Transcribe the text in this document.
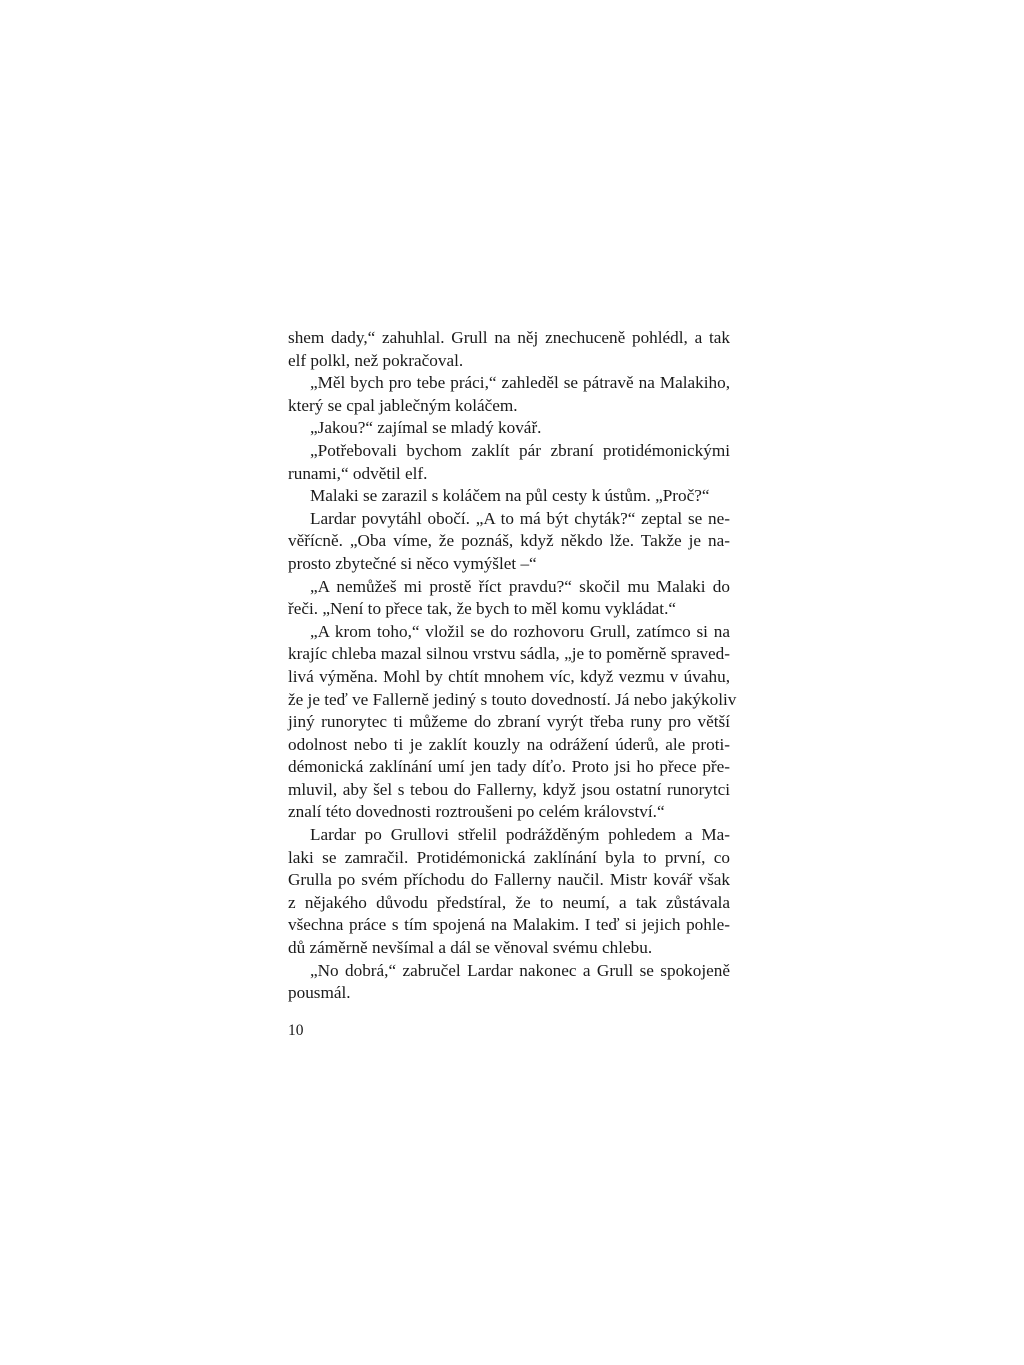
shem dady,“ zahuhlal. Grull na něj znechuceně pohlédl, a tak
elf polkl, než pokračoval.
„Měl bych pro tebe práci,“ zahleděl se pátravě na Malakiho,
který se cpal jablečným koláčem.
„Jakou?“ zajímal se mladý kovář.
„Potřebovali bychom zaklít pár zbraní protidémonickými
runami,“ odvětil elf.
Malaki se zarazil s koláčem na půl cesty k ústům. „Proč?“
Lardar povytáhl obočí. „A to má být chyták?“ zeptal se ne-
věřícně. „Oba víme, že poznáš, když někdo lže. Takže je na-
prosto zbytečné si něco vymýšlet –“
„A nemůžeš mi prostě říct pravdu?“ skočil mu Malaki do
řeči. „Není to přece tak, že bych to měl komu vykládat.“
„A krom toho,“ vložil se do rozhovoru Grull, zatímco si na
krajíc chleba mazal silnou vrstvu sádla, „je to poměrně spraved-
livá výměna. Mohl by chtít mnohem víc, když vezmu v úvahu,
že je teď ve Fallerně jediný s touto dovedností. Já nebo jakýkoliv
jiný runorytec ti můžeme do zbraní vyrýt třeba runy pro větší
odolnost nebo ti je zaklít kouzly na odrážení úderů, ale proti-
démonická zaklínání umí jen tady díťo. Proto jsi ho přece pře-
mluvil, aby šel s tebou do Fallerny, když jsou ostatní runorytci
znalí této dovednosti roztroušeni po celém království.“
Lardar po Grullovi střelil podrážděným pohledem a Ma-
laki se zamračil. Protidémonická zaklínání byla to první, co
Grulla po svém příchodu do Fallerny naučil. Mistr kovář však
z nějakého důvodu předstíral, že to neumí, a tak zůstávala
všechna práce s tím spojená na Malakim. I teď si jejich pohle-
dů záměrně nevšímal a dál se věnoval svému chlebu.
„No dobrá,“ zabručel Lardar nakonec a Grull se spokojeně
pousmál.
10
